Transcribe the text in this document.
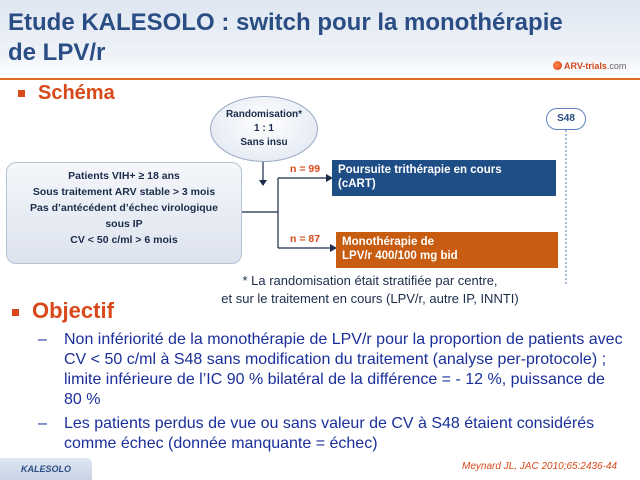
Etude KALESOLO : switch pour la monothérapie de LPV/r	ARV-trials.com
Schéma
Randomisation*
1 : 1
Sans insu
S48
Patients VIH+ ≥ 18 ans
Sous traitement ARV stable > 3 mois
Pas d’antécédent d’échec virologique
sous IP
CV < 50 c/ml > 6 mois
n = 99 Poursuite trithérapie en cours
(cART)
n = 87 Monothérapie de
LPV/r 400/100 mg bid
* La randomisation était stratifiée par centre,
et sur le traitement en cours (LPV/r, autre IP, INNTI)
Objectif
– Non infériorité de la monothérapie de LPV/r pour la proportion de patients avec CV < 50 c/ml à S48 sans modification du traitement (analyse per-protocole) ; limite inférieure de l’IC 90 % bilatéral de la différence = - 12 %, puissance de 80 %
– Les patients perdus de vue ou sans valeur de CV à S48 étaient considérés comme échec (donnée manquante = échec)
KALESOLO	Meynard JL, JAC 2010;65:2436-44
